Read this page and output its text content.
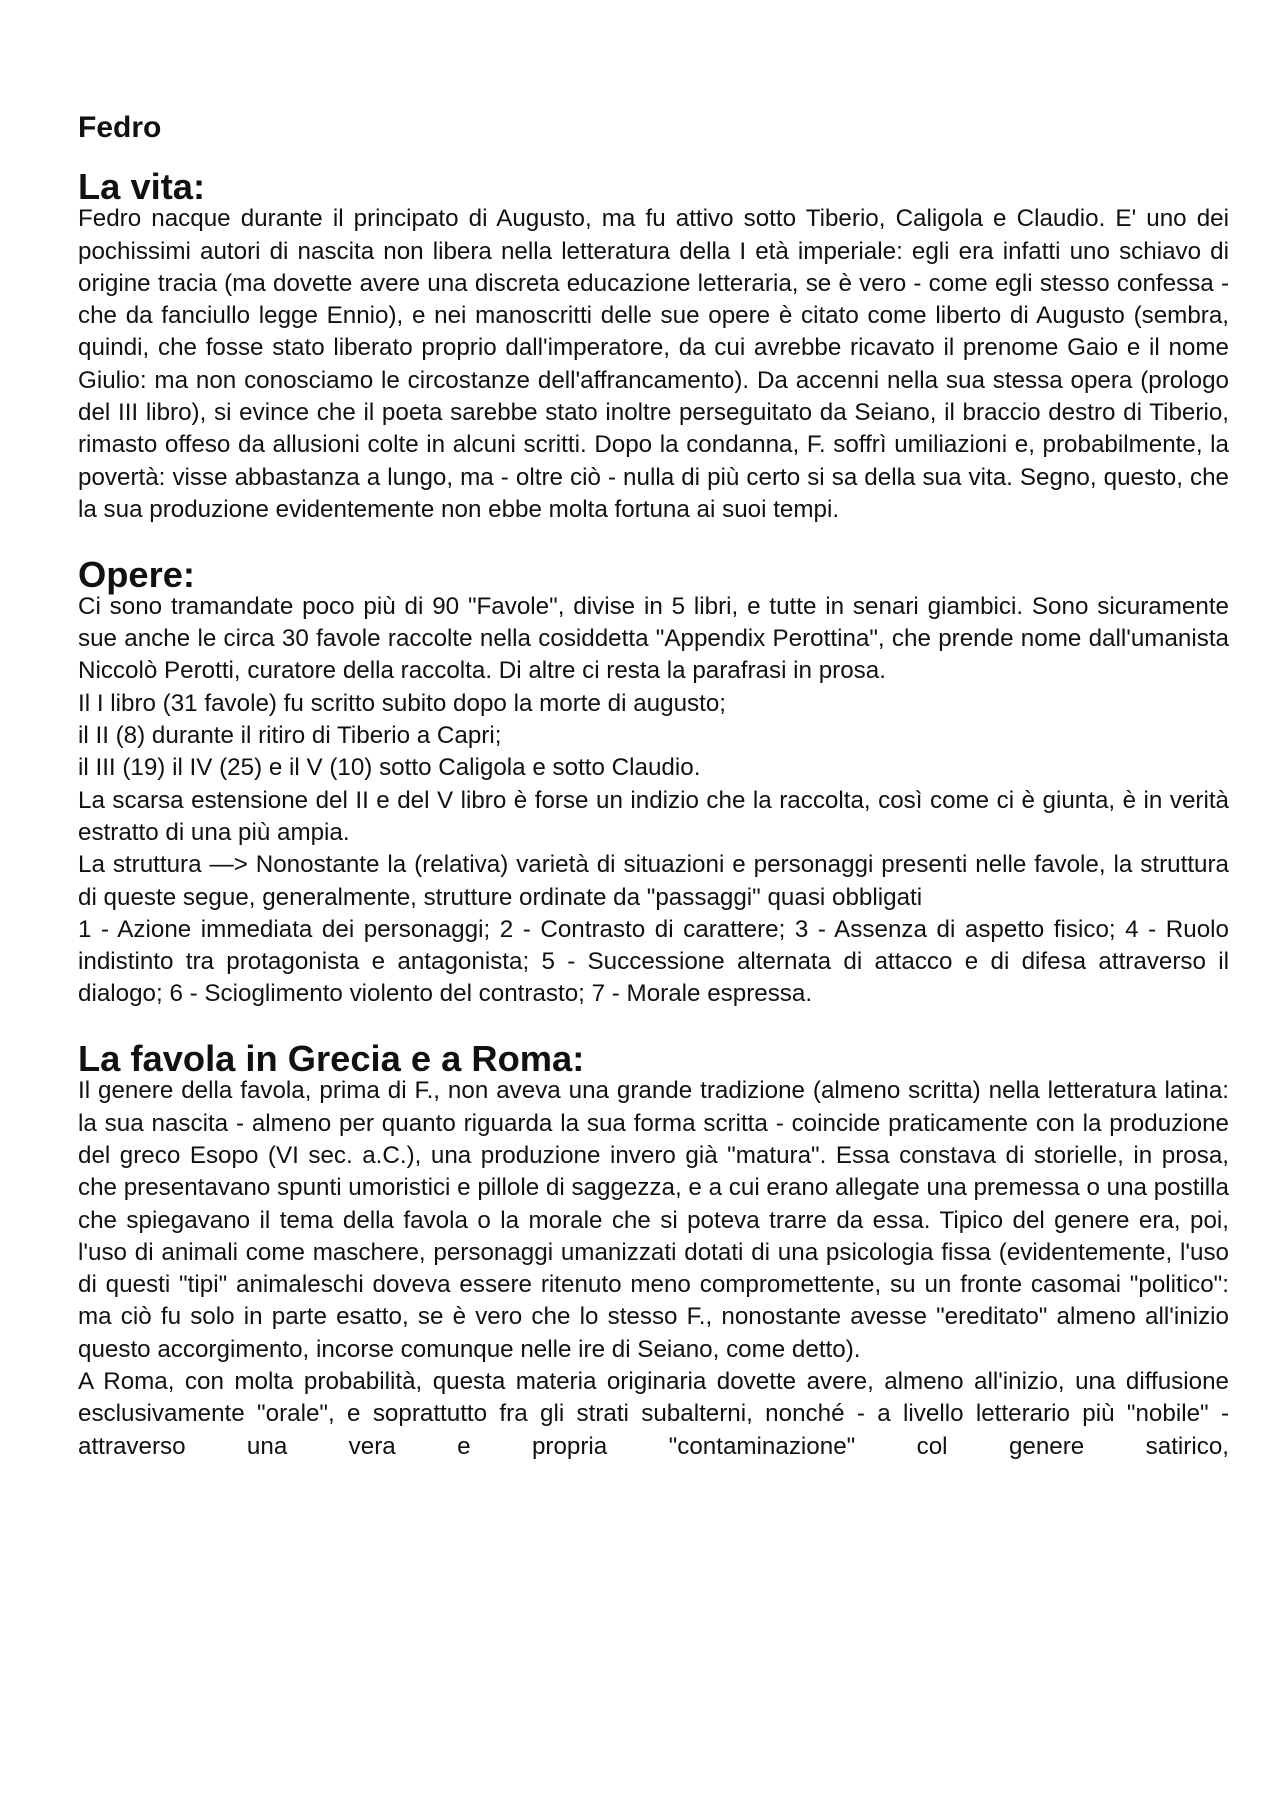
Fedro
La vita:

Fedro nacque durante il principato di Augusto, ma fu attivo sotto Tiberio, Caligola e Claudio. E' uno dei pochissimi autori di nascita non libera nella letteratura della I età imperiale: egli era infatti uno schiavo di origine tracia (ma dovette avere una discreta educazione letteraria, se è vero - come egli stesso confessa - che da fanciullo legge Ennio), e nei manoscritti delle sue opere è citato come liberto di Augusto (sembra, quindi, che fosse stato liberato proprio dall'imperatore, da cui avrebbe ricavato il prenome Gaio e il nome Giulio: ma non conosciamo le circostanze dell'affrancamento). Da accenni nella sua stessa opera (prologo del III libro), si evince che il poeta sarebbe stato inoltre perseguitato da Seiano, il braccio destro di Tiberio, rimasto offeso da allusioni colte in alcuni scritti. Dopo la condanna, F. soffrì umiliazioni e, probabilmente, la povertà: visse abbastanza a lungo, ma - oltre ciò - nulla di più certo si sa della sua vita. Segno, questo, che la sua produzione evidentemente non ebbe molta fortuna ai suoi tempi.

Opere:

Ci sono tramandate poco più di 90 "Favole", divise in 5 libri, e tutte in senari giambici. Sono sicuramente sue anche le circa 30 favole raccolte nella cosiddetta "Appendix Perottina", che prende nome dall'umanista Niccolò Perotti, curatore della raccolta. Di altre ci resta la parafrasi in prosa.

Il I libro (31 favole) fu scritto subito dopo la morte di augusto;

il II (8) durante il ritiro di Tiberio a Capri;

il III (19) il IV (25) e il V (10) sotto Caligola e sotto Claudio.

La scarsa estensione del II e del V libro è forse un indizio che la raccolta, così come ci è giunta, è in verità estratto di una più ampia.

La struttura —> Nonostante la (relativa) varietà di situazioni e personaggi presenti nelle favole, la struttura di queste segue, generalmente, strutture ordinate da "passaggi" quasi obbligati

1 - Azione immediata dei personaggi; 2 - Contrasto di carattere; 3 - Assenza di aspetto fisico; 4 - Ruolo indistinto tra protagonista e antagonista; 5 - Successione alternata di attacco e di difesa attraverso il dialogo; 6 - Scioglimento violento del contrasto; 7 - Morale espressa.

La favola in Grecia e a Roma:

Il genere della favola, prima di F., non aveva una grande tradizione (almeno scritta) nella letteratura latina: la sua nascita - almeno per quanto riguarda la sua forma scritta - coincide praticamente con la produzione del greco Esopo (VI sec. a.C.), una produzione invero già "matura". Essa constava di storielle, in prosa, che presentavano spunti umoristici e pillole di saggezza, e a cui erano allegate una premessa o una postilla che spiegavano il tema della favola o la morale che si poteva trarre da essa. Tipico del genere era, poi, l'uso di animali come maschere, personaggi umanizzati dotati di una psicologia fissa (evidentemente, l'uso di questi "tipi" animaleschi doveva essere ritenuto meno compromettente, su un fronte casomai "politico": ma ciò fu solo in parte esatto, se è vero che lo stesso F., nonostante avesse "ereditato" almeno all'inizio questo accorgimento, incorse comunque nelle ire di Seiano, come detto).

A Roma, con molta probabilità, questa materia originaria dovette avere, almeno all'inizio, una diffusione esclusivamente "orale", e soprattutto fra gli strati subalterni, nonché - a livello letterario più "nobile" - attraverso una vera e propria "contaminazione" col genere satirico,
